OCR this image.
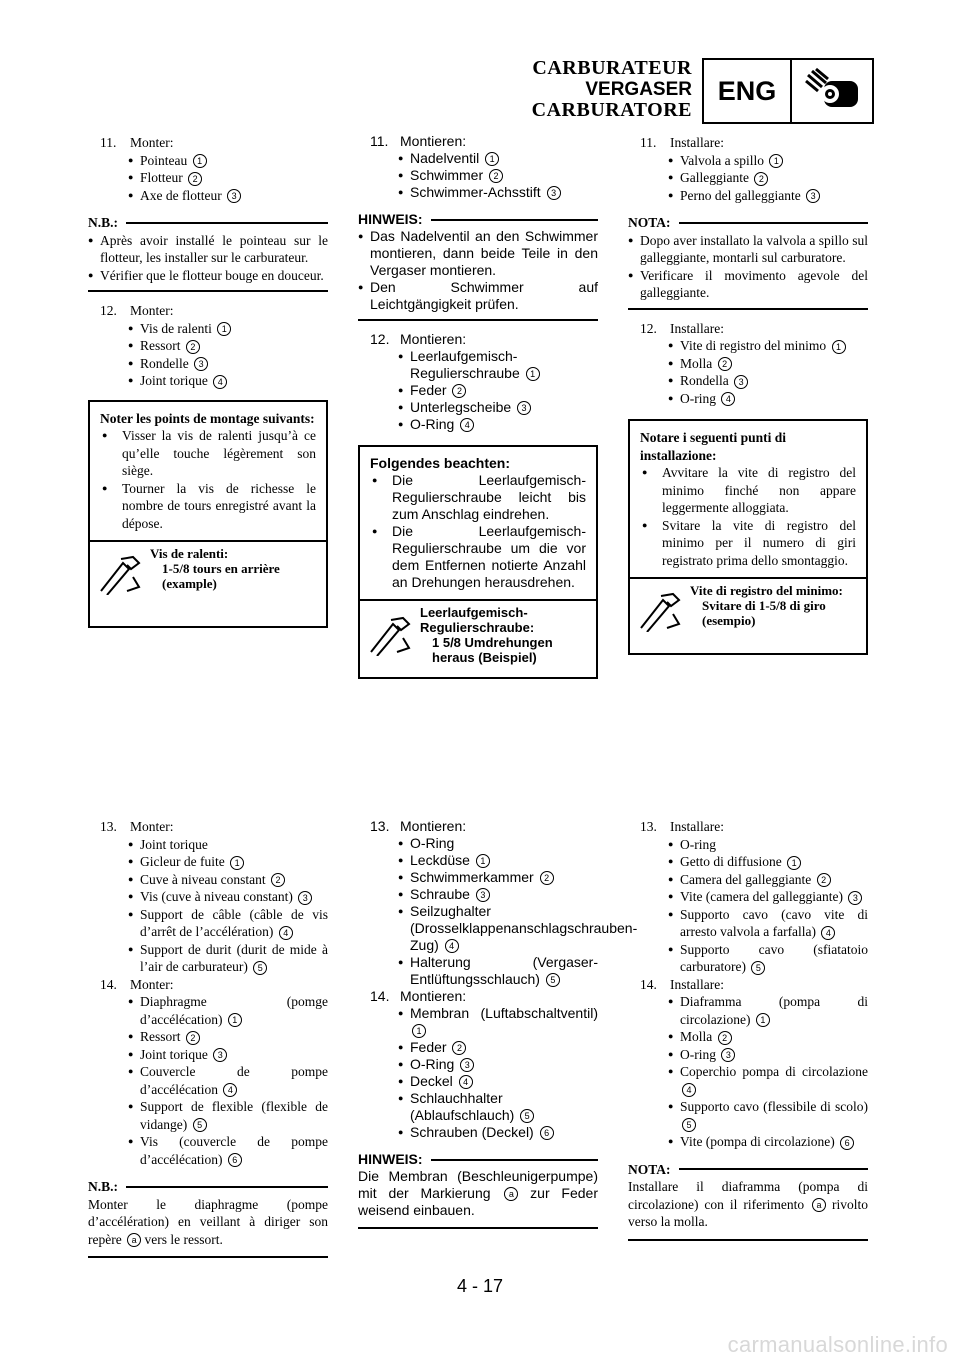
CARBURATEUR
VERGASER
CARBURATORE
ENG
11.	Monter:
● Pointeau 1
● Flotteur 2
● Axe de flotteur 3
N.B.:
● Après avoir installé le pointeau sur le flotteur, les installer sur le carburateur.
● Vérifier que le flotteur bouge en douceur.
12. Monter:
● Vis de ralenti 1
● Ressort 2
● Rondelle 3
● Joint torique 4
Noter les points de montage suivants:
● Visser la vis de ralenti jusqu’à ce qu’elle touche légèrement son siège.
● Tourner la vis de richesse le nombre de tours enregistré avant la dépose.
Vis de ralenti:
1-5/8 tours en arrière (example)
13. Monter:
● Joint torique
● Gicleur de fuite 1
● Cuve à niveau constant 2
● Vis (cuve à niveau constant) 3
● Support de câble (câble de vis d’arrêt de l’accélération) 4
● Support de durit (durit de mide à l’air de carburateur) 5
14. Monter:
● Diaphragme (pomge d’accélécation) 1
● Ressort 2
● Joint torique 3
● Couvercle de pompe d’accélécation 4
● Support de flexible (flexible de vidange) 5
● Vis (couvercle de pompe d’accélécation) 6
N.B.:
Monter le diaphragme (pompe d’accélération) en veillant à diriger son repère a vers le ressort.
11. Montieren:
● Nadelventil 1
● Schwimmer 2
● Schwimmer-Achsstift 3
HINWEIS:
● Das Nadelventil an den Schwimmer montieren, dann beide Teile in den Vergaser montieren.
● Den Schwimmer auf Leichtgängigkeit prüfen.
12. Montieren:
● Leerlaufgemisch-Regulierschraube 1
● Feder 2
● Unterlegscheibe 3
● O-Ring 4
Folgendes beachten:
● Die Leerlaufgemisch-Regulierschraube leicht bis zum Anschlag eindrehen.
● Die Leerlaufgemisch-Regulierschraube um die vor dem Entfernen notierte Anzahl an Drehungen herausdrehen.
Leerlaufgemisch-Regulierschraube:
1 5/8 Umdrehungen heraus (Beispiel)
13. Montieren:
● O-Ring
● Leckdüse 1
● Schwimmerkammer 2
● Schraube 3
● Seilzughalter (Drosselklappenanschlagschrauben-Zug) 4
● Halterung (Vergaser-Entlüftungsschlauch) 5
14. Montieren:
● Membran (Luftabschaltventil) 1
● Feder 2
● O-Ring 3
● Deckel 4
● Schlauchhalter (Ablaufschlauch) 5
● Schrauben (Deckel) 6
HINWEIS:
Die Membran (Beschleunigerpumpe) mit der Markierung a zur Feder weisend einbauen.
11.	Installare:
● Valvola a spillo 1
● Galleggiante 2
● Perno del galleggiante 3
NOTA:
● Dopo aver installato la valvola a spillo sul galleggiante, montarli sul carburatore.
● Verificare il movimento agevole del galleggiante.
12. Installare:
● Vite di registro del minimo 1
● Molla 2
● Rondella 3
● O-ring 4
Notare i seguenti punti di installazione:
● Avvitare la vite di registro del minimo finché non appare leggermente alloggiata.
● Svitare la vite di registro del minimo per il numero di giri registrato prima dello smontaggio.
Vite di registro del minimo:
Svitare di 1-5/8 di giro (esempio)
13. Installare:
● O-ring
● Getto di diffusione 1
● Camera del galleggiante 2
● Vite (camera del galleggiante) 3
● Supporto cavo (cavo vite di arresto valvola a farfalla) 4
● Supporto cavo (sfiatatoio carburatore) 5
14. Installare:
● Diaframma (pompa di circolazione) 1
● Molla 2
● O-ring 3
● Coperchio pompa di circolazione 4
● Supporto cavo (flessibile di scolo) 5
● Vite (pompa di circolazione) 6
NOTA:
Installare il diaframma (pompa di circolazione) con il riferimento a rivolto verso la molla.
4 - 17
carmanualsonline.info
